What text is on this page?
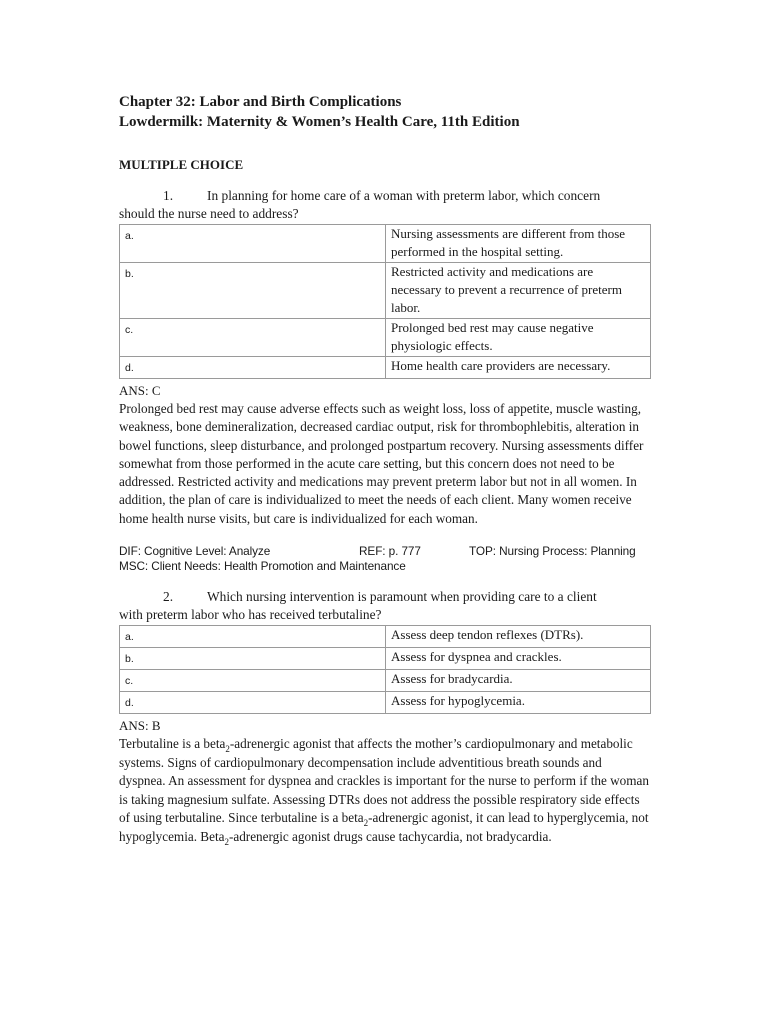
Chapter 32: Labor and Birth Complications

Lowdermilk: Maternity & Women’s Health Care, 11th Edition

MULTIPLE CHOICE

1.	In planning for home care of a woman with preterm labor, which concern
should the nurse need to address?
a.	Nursing assessments are different from those performed in the hospital setting.
b.	Restricted activity and medications are necessary to prevent a recurrence of preterm labor.
c.	Prolonged bed rest may cause negative physiologic effects.
d.	Home health care providers are necessary.
ANS: C
Prolonged bed rest may cause adverse effects such as weight loss, loss of appetite, muscle wasting, weakness, bone demineralization, decreased cardiac output, risk for thrombophlebitis, alteration in bowel functions, sleep disturbance, and prolonged postpartum recovery. Nursing assessments differ somewhat from those performed in the acute care setting, but this concern does not need to be addressed. Restricted activity and medications may prevent preterm labor but not in all women. In addition, the plan of care is individualized to meet the needs of each client. Many women receive home health nurse visits, but care is individualized for each woman.
DIF: Cognitive Level: Analyze	REF: p. 777	TOP: Nursing Process: Planning
MSC: Client Needs: Health Promotion and Maintenance
2.	Which nursing intervention is paramount when providing care to a client
with preterm labor who has received terbutaline?
a.	Assess deep tendon reflexes (DTRs).
b.	Assess for dyspnea and crackles.
c.	Assess for bradycardia.
d.	Assess for hypoglycemia.
ANS: B
Terbutaline is a beta$_2$-adrenergic agonist that affects the mother’s cardiopulmonary and metabolic systems. Signs of cardiopulmonary decompensation include adventitious breath sounds and dyspnea. An assessment for dyspnea and crackles is important for the nurse to perform if the woman is taking magnesium sulfate. Assessing DTRs does not address the possible respiratory side effects of using terbutaline. Since terbutaline is a beta$_2$-adrenergic agonist, it can lead to hyperglycemia, not hypoglycemia. Beta$_2$-adrenergic agonist drugs cause tachycardia, not bradycardia.
